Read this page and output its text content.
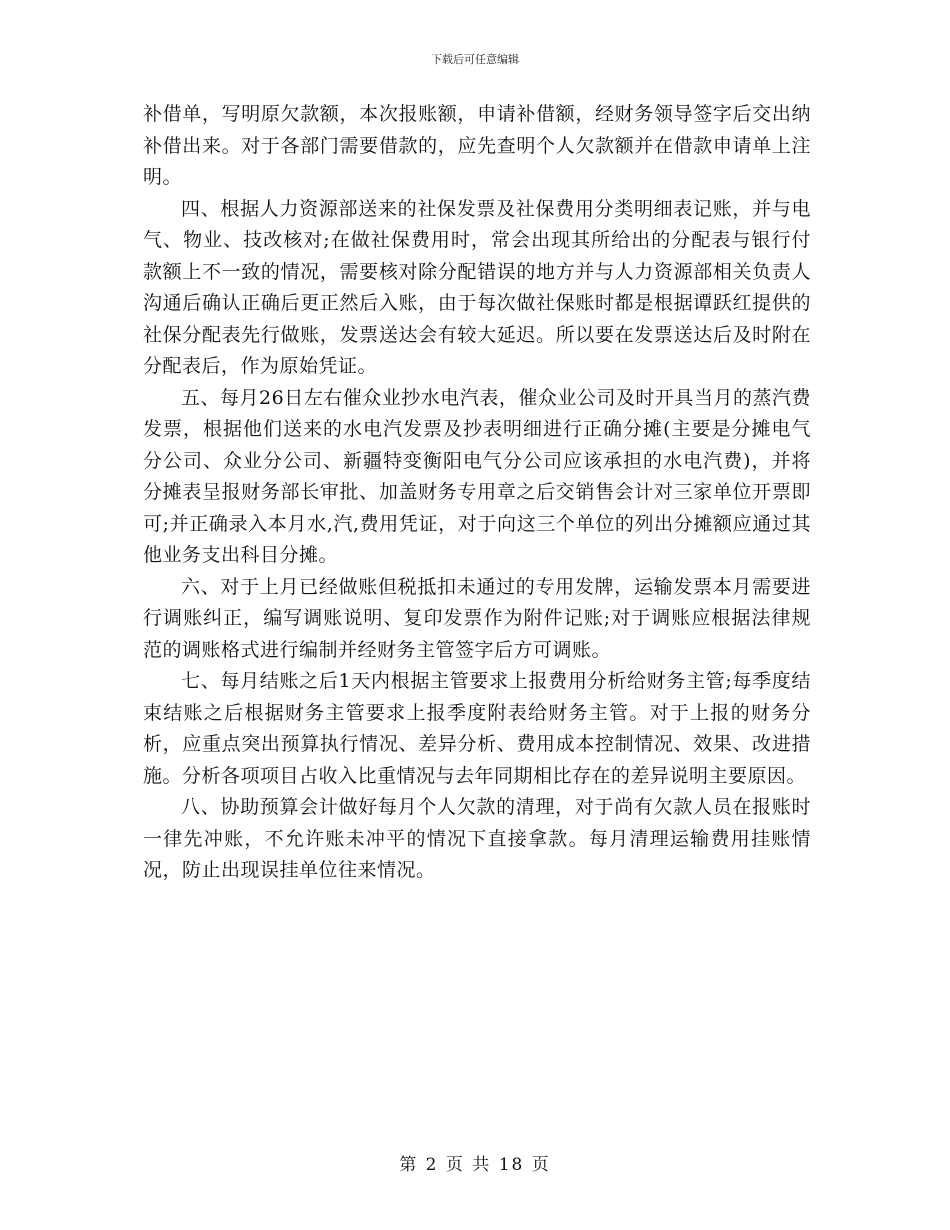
下载后可任意编辑

补借单，写明原欠款额，本次报账额，申请补借额，经财务领导签字后交出纳补借出来。对于各部门需要借款的，应先查明个人欠款额并在借款申请单上注明。

四、根据人力资源部送来的社保发票及社保费用分类明细表记账，并与电气、物业、技改核对;在做社保费用时，常会出现其所给出的分配表与银行付款额上不一致的情况，需要核对除分配错误的地方并与人力资源部相关负责人沟通后确认正确后更正然后入账，由于每次做社保账时都是根据谭跃红提供的社保分配表先行做账，发票送达会有较大延迟。所以要在发票送达后及时附在分配表后，作为原始凭证。

五、每月26日左右催众业抄水电汽表，催众业公司及时开具当月的蒸汽费发票，根据他们送来的水电汽发票及抄表明细进行正确分摊(主要是分摊电气分公司、众业分公司、新疆特变衡阳电气分公司应该承担的水电汽费)，并将分摊表呈报财务部长审批、加盖财务专用章之后交销售会计对三家单位开票即可;并正确录入本月水,汽,费用凭证，对于向这三个单位的列出分摊额应通过其他业务支出科目分摊。

六、对于上月已经做账但税抵扣未通过的专用发牌，运输发票本月需要进行调账纠正，编写调账说明、复印发票作为附件记账;对于调账应根据法律规范的调账格式进行编制并经财务主管签字后方可调账。

七、每月结账之后1天内根据主管要求上报费用分析给财务主管;每季度结束结账之后根据财务主管要求上报季度附表给财务主管。对于上报的财务分析，应重点突出预算执行情况、差异分析、费用成本控制情况、效果、改进措施。分析各项项目占收入比重情况与去年同期相比存在的差异说明主要原因。

八、协助预算会计做好每月个人欠款的清理，对于尚有欠款人员在报账时一律先冲账，不允许账未冲平的情况下直接拿款。每月清理运输费用挂账情况，防止出现误挂单位往来情况。

第 2 页 共 18 页
